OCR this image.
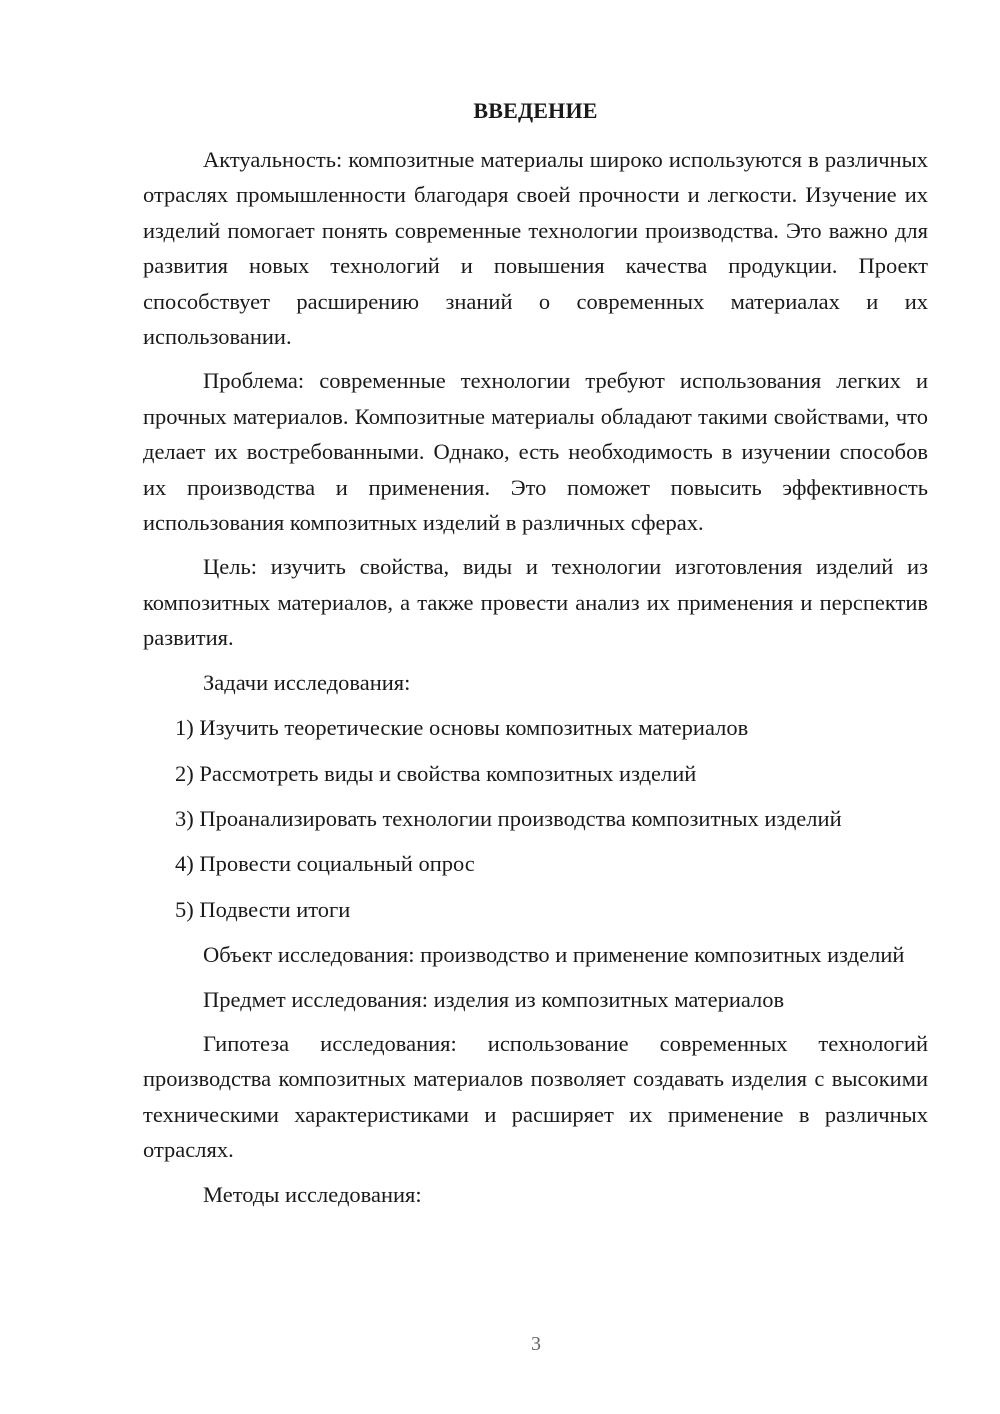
ВВЕДЕНИЕ

Актуальность: композитные материалы широко используются в различных отраслях промышленности благодаря своей прочности и легкости. Изучение их изделий помогает понять современные технологии производства. Это важно для развития новых технологий и повышения качества продукции. Проект способствует расширению знаний о современных материалах и их использовании.

Проблема: современные технологии требуют использования легких и прочных материалов. Композитные материалы обладают такими свойствами, что делает их востребованными. Однако, есть необходимость в изучении способов их производства и применения. Это поможет повысить эффективность использования композитных изделий в различных сферах.

Цель: изучить свойства, виды и технологии изготовления изделий из композитных материалов, а также провести анализ их применения и перспектив развития.

Задачи исследования:

1) Изучить теоретические основы композитных материалов
2) Рассмотреть виды и свойства композитных изделий
3) Проанализировать технологии производства композитных изделий
4) Провести социальный опрос
5) Подвести итоги

Объект исследования: производство и применение композитных изделий

Предмет исследования: изделия из композитных материалов

Гипотеза исследования: использование современных технологий производства композитных материалов позволяет создавать изделия с высокими техническими характеристиками и расширяет их применение в различных отраслях.

Методы исследования:

3
